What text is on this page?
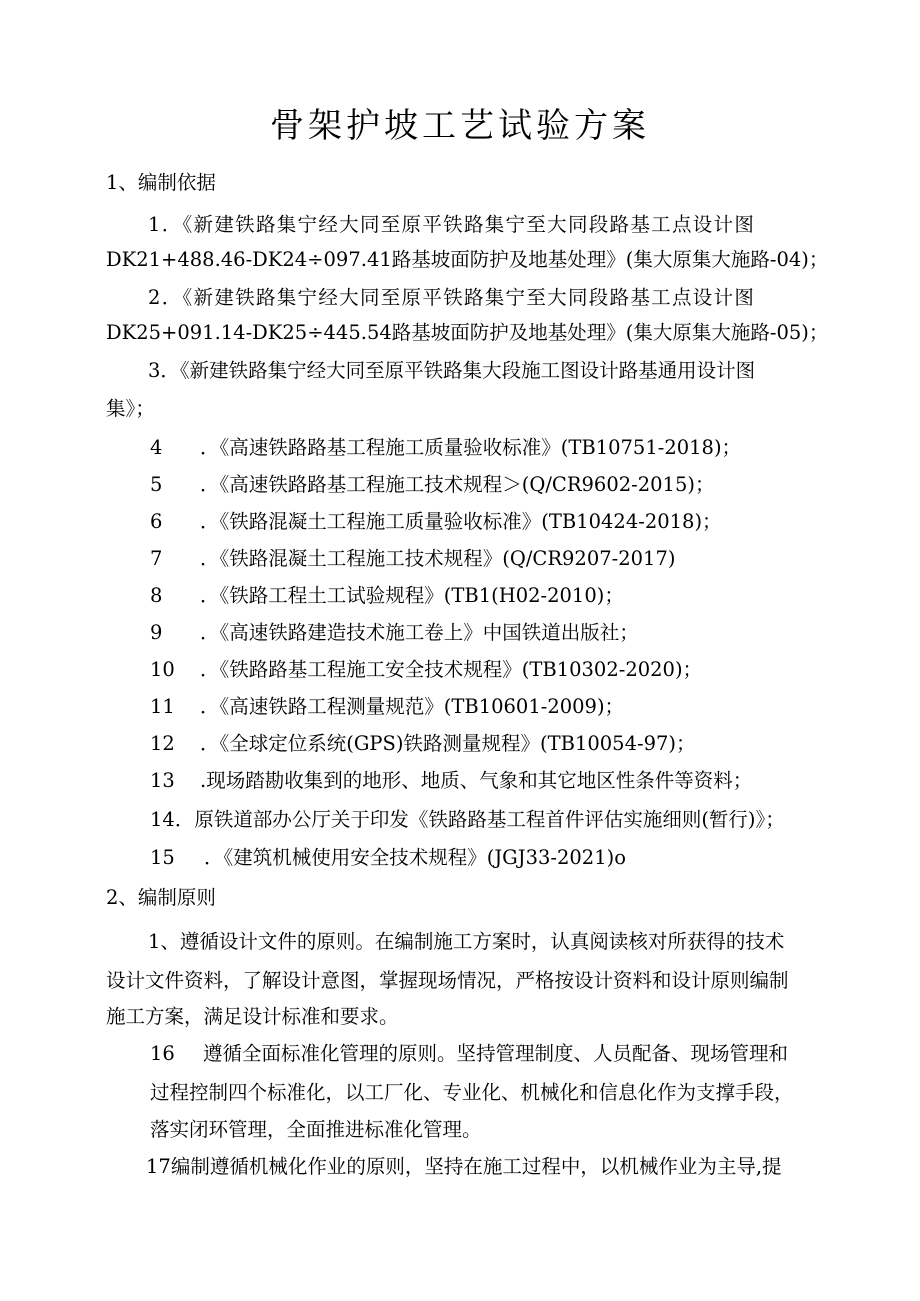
骨架护坡工艺试验方案
1、编制依据
1．《新建铁路集宁经大同至原平铁路集宁至大同段路基工点设计图
DK21+488.46-DK24÷097.41路基坡面防护及地基处理》(集大原集大施路-04)；
2．《新建铁路集宁经大同至原平铁路集宁至大同段路基工点设计图
DK25+091.14-DK25÷445.54路基坡面防护及地基处理》(集大原集大施路-05)；
3．《新建铁路集宁经大同至原平铁路集大段施工图设计路基通用设计图
集》；
4 ．《高速铁路路基工程施工质量验收标准》(TB10751-2018)；
5 ．《高速铁路路基工程施工技术规程＞(Q/CR9602-2015)；
6 ．《铁路混凝土工程施工质量验收标准》(TB10424-2018)；
7 ．《铁路混凝土工程施工技术规程》(Q/CR9207-2017)
8 ．《铁路工程土工试验规程》(TB1(H02-2010)；
9 ．《高速铁路建造技术施工卷上》中国铁道出版社；
10 ．《铁路路基工程施工安全技术规程》(TB10302-2020)；
11 ．《高速铁路工程测量规范》(TB10601-2009)；
12 ．《全球定位系统(GPS)铁路测量规程》(TB10054-97)；
13 .现场踏勘收集到的地形、地质、气象和其它地区性条件等资料；
14．原铁道部办公厅关于印发《铁路路基工程首件评估实施细则(暂行)》；
15 ．《建筑机械使用安全技术规程》(JGJ33-2021)o
2、编制原则
1、遵循设计文件的原则。在编制施工方案时，认真阅读核对所获得的技术
设计文件资料，了解设计意图，掌握现场情况，严格按设计资料和设计原则编制
施工方案，满足设计标准和要求。
16 遵循全面标准化管理的原则。坚持管理制度、人员配备、现场管理和
过程控制四个标准化，以工厂化、专业化、机械化和信息化作为支撑手段，
落实闭环管理，全面推进标准化管理。
17编制遵循机械化作业的原则，坚持在施工过程中，以机械作业为主导,提
